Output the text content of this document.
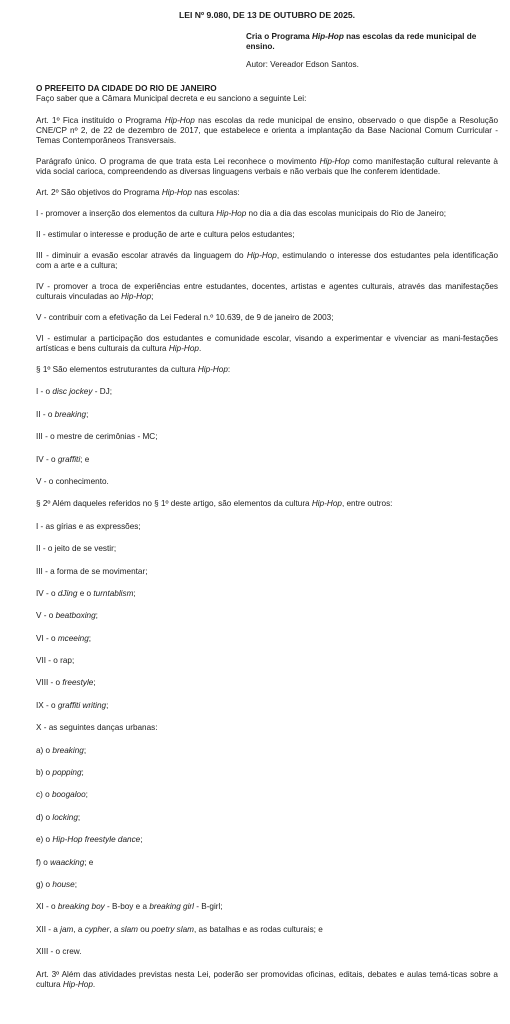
LEI Nº 9.080, DE 13 DE OUTUBRO DE 2025.
Cria o Programa Hip-Hop nas escolas da rede municipal de ensino.
Autor: Vereador Edson Santos.
O PREFEITO DA CIDADE DO RIO DE JANEIRO
Faço saber que a Câmara Municipal decreta e eu sanciono a seguinte Lei:
Art. 1º Fica instituído o Programa Hip-Hop nas escolas da rede municipal de ensino, observado o que dispõe a Resolução CNE/CP nº 2, de 22 de dezembro de 2017, que estabelece e orienta a implantação da Base Nacional Comum Curricular - Temas Contemporâneos Transversais.
Parágrafo único. O programa de que trata esta Lei reconhece o movimento Hip-Hop como manifestação cultural relevante à vida social carioca, compreendendo as diversas linguagens verbais e não verbais que lhe conferem identidade.
Art. 2º São objetivos do Programa Hip-Hop nas escolas:
I - promover a inserção dos elementos da cultura Hip-Hop no dia a dia das escolas municipais do Rio de Janeiro;
II - estimular o interesse e produção de arte e cultura pelos estudantes;
III - diminuir a evasão escolar através da linguagem do Hip-Hop, estimulando o interesse dos estudantes pela identificação com a arte e a cultura;
IV - promover a troca de experiências entre estudantes, docentes, artistas e agentes culturais, através das manifestações culturais vinculadas ao Hip-Hop;
V - contribuir com a efetivação da Lei Federal n.º 10.639, de 9 de janeiro de 2003;
VI - estimular a participação dos estudantes e comunidade escolar, visando a experimentar e vivenciar as mani-festações artísticas e bens culturais da cultura Hip-Hop.
§ 1º São elementos estruturantes da cultura Hip-Hop:
I - o disc jockey - DJ;
II - o breaking;
III - o mestre de cerimônias - MC;
IV - o graffiti; e
V - o conhecimento.
§ 2º Além daqueles referidos no § 1º deste artigo, são elementos da cultura Hip-Hop, entre outros:
I - as gírias e as expressões;
II - o jeito de se vestir;
III - a forma de se movimentar;
IV - o dJing e o turntablism;
V - o beatboxing;
VI - o mceeing;
VII - o rap;
VIII - o freestyle;
IX - o graffiti writing;
X - as seguintes danças urbanas:
a) o breaking;
b) o popping;
c) o boogaloo;
d) o locking;
e) o Hip-Hop freestyle dance;
f) o waacking; e
g) o house;
XI - o breaking boy - B-boy e a breaking girl - B-girl;
XII - a jam, a cypher, a slam ou poetry slam, as batalhas e as rodas culturais; e
XIII - o crew.
Art. 3º Além das atividades previstas nesta Lei, poderão ser promovidas oficinas, editais, debates e aulas temá-ticas sobre a cultura Hip-Hop.
